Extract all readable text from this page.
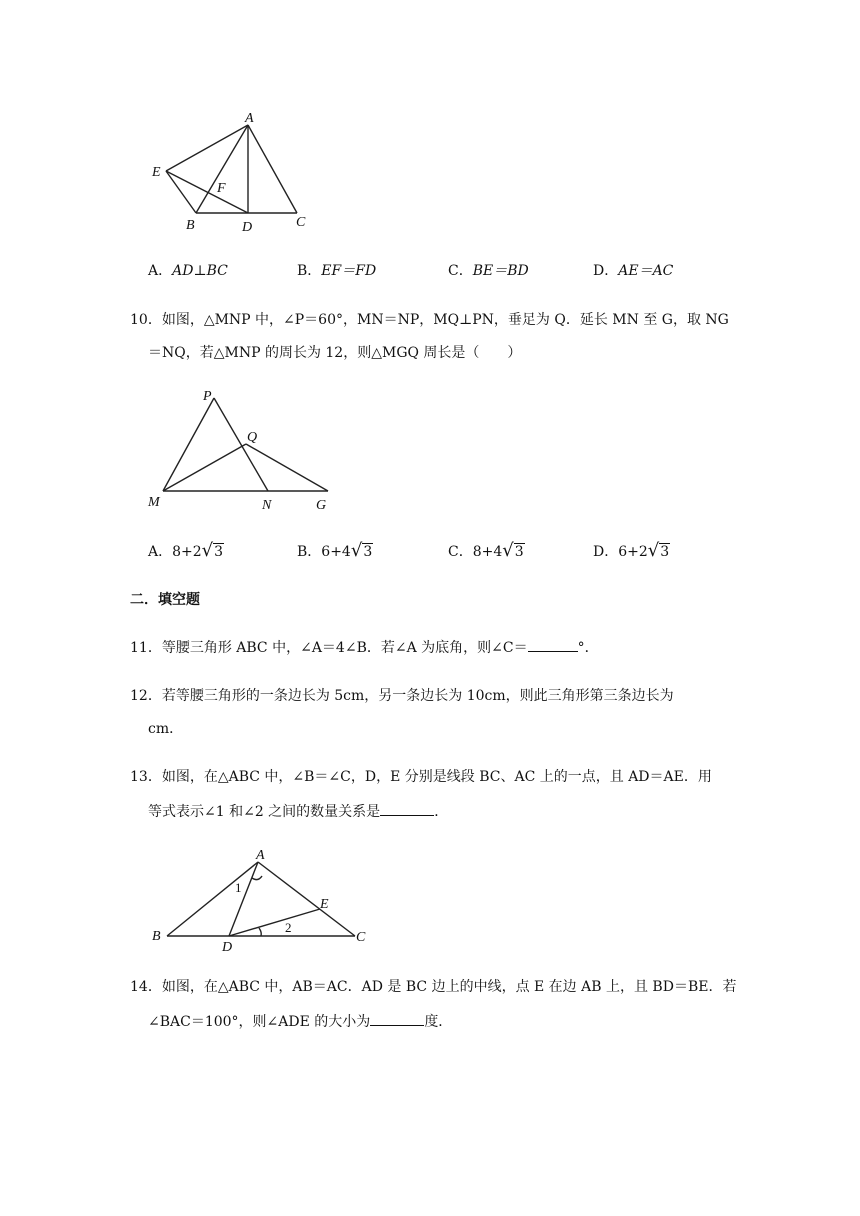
A
E
F
B	D	C
A．AD⊥BC	B．EF＝FD	C．BE＝BD	D．AE＝AC
10．如图，△MNP 中，∠P＝60°，MN＝NP，MQ⊥PN，垂足为 Q．延长 MN 至 G，取 NG
＝NQ，若△MNP 的周长为 12，则△MGQ 周长是（　　）
P
Q
M	N	G
A．8+2√3	B．6+4√3	C．8+4√3	D．6+2√3
二．填空题
11．等腰三角形 ABC 中，∠A＝4∠B．若∠A 为底角，则∠C＝	°．
12．若等腰三角形的一条边长为 5cm，另一条边长为 10cm，则此三角形第三条边长为
cm．
13．如图，在△ABC 中，∠B＝∠C，D，E 分别是线段 BC、AC 上的一点，且 AD＝AE．用
等式表示∠1 和∠2 之间的数量关系是	．
A
B	C
D
E
1
2
14．如图，在△ABC 中，AB＝AC．AD 是 BC 边上的中线，点 E 在边 AB 上，且 BD＝BE．若
∠BAC＝100°，则∠ADE 的大小为	度．
